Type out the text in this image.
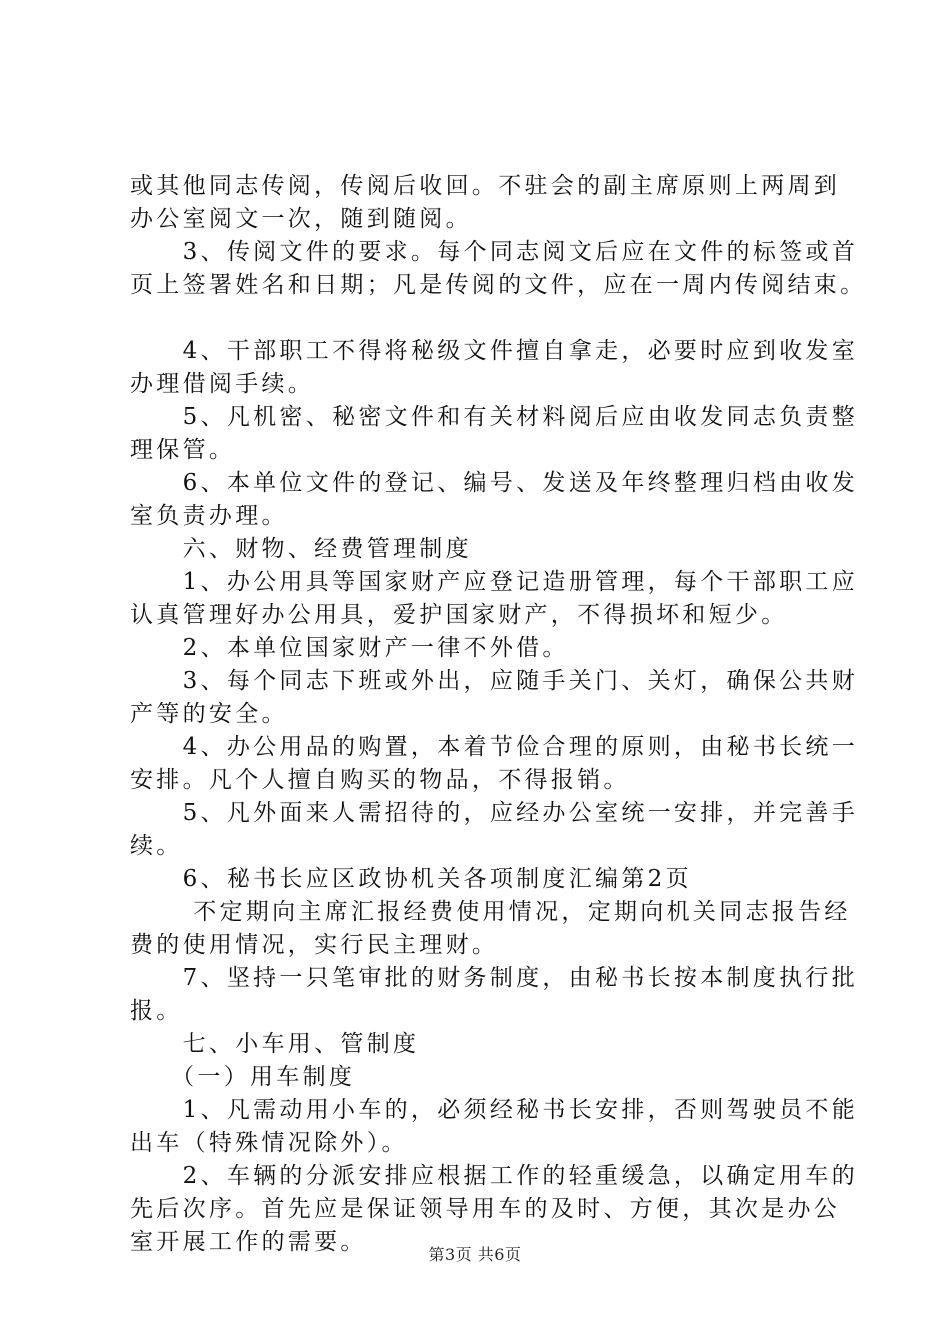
或其他同志传阅，传阅后收回。不驻会的副主席原则上两周到
办公室阅文一次，随到随阅。
　　3、传阅文件的要求。每个同志阅文后应在文件的标签或首
页上签署姓名和日期；凡是传阅的文件，应在一周内传阅结束。
　　4、干部职工不得将秘级文件擅自拿走，必要时应到收发室
办理借阅手续。
　　5、凡机密、秘密文件和有关材料阅后应由收发同志负责整
理保管。
　　6、本单位文件的登记、编号、发送及年终整理归档由收发
室负责办理。
　　六、财物、经费管理制度
　　1、办公用具等国家财产应登记造册管理，每个干部职工应
认真管理好办公用具，爱护国家财产，不得损坏和短少。
　　2、本单位国家财产一律不外借。
　　3、每个同志下班或外出，应随手关门、关灯，确保公共财
产等的安全。
　　4、办公用品的购置，本着节俭合理的原则，由秘书长统一
安排。凡个人擅自购买的物品，不得报销。
　　5、凡外面来人需招待的，应经办公室统一安排，并完善手
续。
　　6、秘书长应区政协机关各项制度汇编第2页
　　 不定期向主席汇报经费使用情况，定期向机关同志报告经
费的使用情况，实行民主理财。
　　7、坚持一只笔审批的财务制度，由秘书长按本制度执行批
报。
　　七、小车用、管制度
　　（一）用车制度
　　1、凡需动用小车的，必须经秘书长安排，否则驾驶员不能
出车（特殊情况除外）。
　　2、车辆的分派安排应根据工作的轻重缓急，以确定用车的
先后次序。首先应是保证领导用车的及时、方便，其次是办公
室开展工作的需要。	第3页 共6页
